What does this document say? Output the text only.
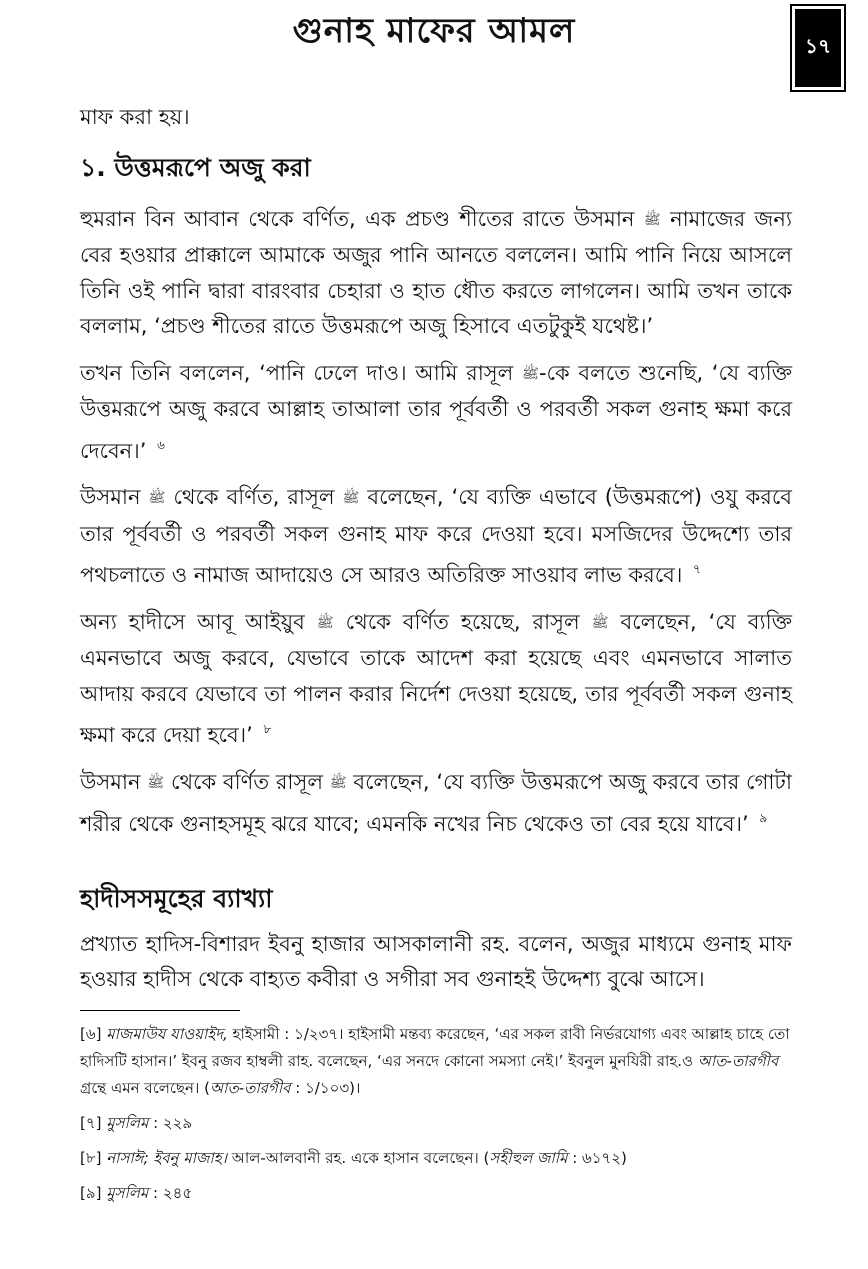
গুনাহ মাফের আমল	১৭

মাফ করা হয়।

১. উত্তমরূপে অজু করা

হুমরান বিন আবান থেকে বর্ণিত, এক প্রচণ্ড শীতের রাতে উসমান ﷺ নামাজের জন্য বের হওয়ার প্রাক্কালে আমাকে অজুর পানি আনতে বললেন। আমি পানি নিয়ে আসলে তিনি ওই পানি দ্বারা বারংবার চেহারা ও হাত ধৌত করতে লাগলেন। আমি তখন তাকে বললাম, ‘প্রচণ্ড শীতের রাতে উত্তমরূপে অজু হিসাবে এতটুকুই যথেষ্ট।’

তখন তিনি বললেন, ‘পানি ঢেলে দাও। আমি রাসূল ﷺ-কে বলতে শুনেছি, ‘যে ব্যক্তি উত্তমরূপে অজু করবে আল্লাহ তাআলা তার পূর্ববর্তী ও পরবর্তী সকল গুনাহ ক্ষমা করে দেবেন।’ $^৬$

উসমান ﷺ থেকে বর্ণিত, রাসূল ﷺ বলেছেন, ‘যে ব্যক্তি এভাবে (উত্তমরূপে) ওযু করবে তার পূর্ববর্তী ও পরবর্তী সকল গুনাহ মাফ করে দেওয়া হবে। মসজিদের উদ্দেশ্যে তার পথচলাতে ও নামাজ আদায়েও সে আরও অতিরিক্ত সাওয়াব লাভ করবে। $^৭$

অন্য হাদীসে আবূ আইয়ুব ﷺ থেকে বর্ণিত হয়েছে, রাসূল ﷺ বলেছেন, ‘যে ব্যক্তি এমনভাবে অজু করবে, যেভাবে তাকে আদেশ করা হয়েছে এবং এমনভাবে সালাত আদায় করবে যেভাবে তা পালন করার নির্দেশ দেওয়া হয়েছে, তার পূর্ববর্তী সকল গুনাহ ক্ষমা করে দেয়া হবে।’ $^৮$

উসমান ﷺ থেকে বর্ণিত রাসূল ﷺ বলেছেন, ‘যে ব্যক্তি উত্তমরূপে অজু করবে তার গোটা শরীর থেকে গুনাহসমূহ ঝরে যাবে; এমনকি নখের নিচ থেকেও তা বের হয়ে যাবে।’ $^৯$

হাদীসসমূহের ব্যাখ্যা

প্রখ্যাত হাদিস-বিশারদ ইবনু হাজার আসকালানী রহ. বলেন, অজুর মাধ্যমে গুনাহ মাফ হওয়ার হাদীস থেকে বাহ্যত কবীরা ও সগীরা সব গুনাহই উদ্দেশ্য বুঝে আসে।

[৬] মাজমাউয যাওয়াইদ, হাইসামী : ১/২৩৭। হাইসামী মন্তব্য করেছেন, ‘এর সকল রাবী নির্ভরযোগ্য এবং আল্লাহ চাহে তো হাদিসটি হাসান।’ ইবনু রজব হাম্বলী রাহ. বলেছেন, ‘এর সনদে কোনো সমস্যা নেই।’ ইবনুল মুনযিরী রাহ.ও আত-তারগীব গ্রন্থে এমন বলেছেন। (আত-তারগীব : ১/১০৩)।

[৭] মুসলিম : ২২৯

[৮] নাসাঈ; ইবনু মাজাহ। আল-আলবানী রহ. একে হাসান বলেছেন। (সহীহুল জামি : ৬১৭২)

[৯] মুসলিম : ২৪৫
